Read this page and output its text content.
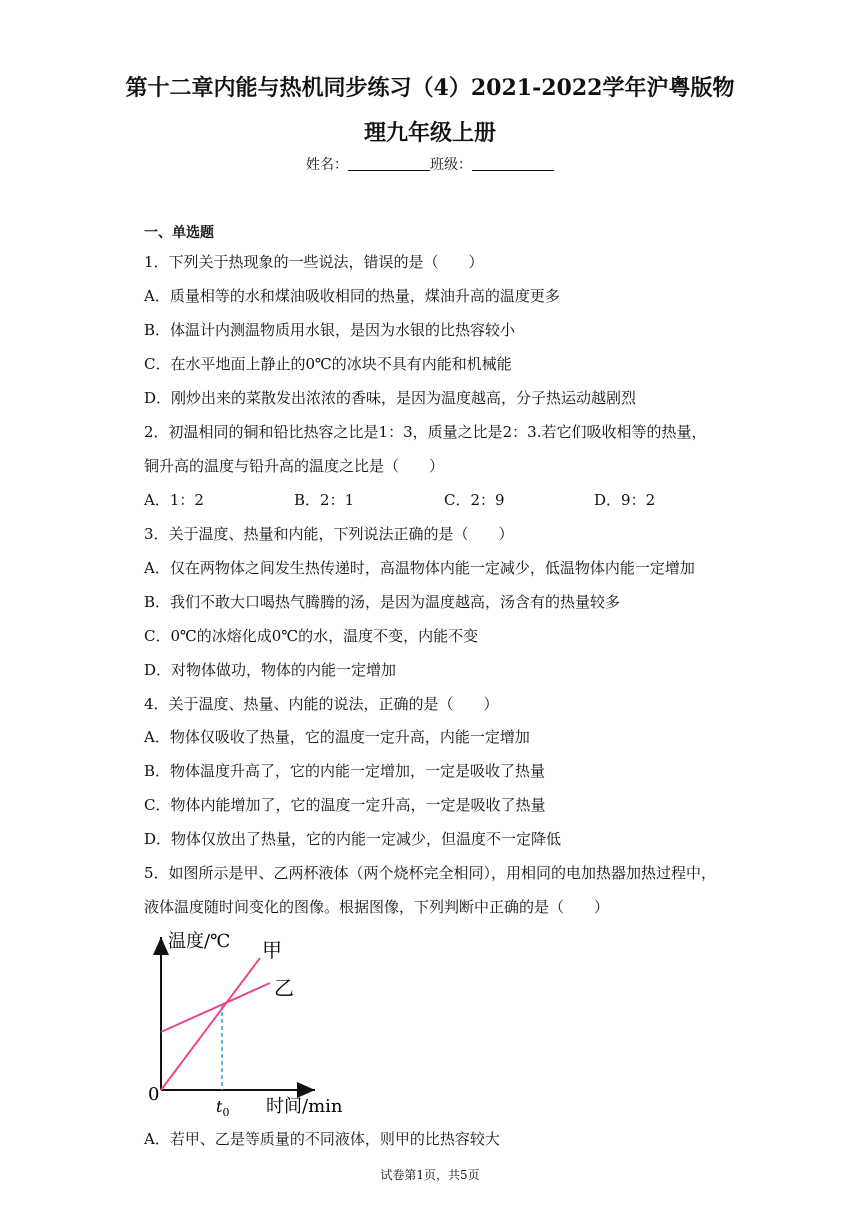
第十二章内能与热机同步练习（4）2021-2022学年沪粤版物
理九年级上册
姓名：	班级：
一、单选题
1．下列关于热现象的一些说法，错误的是（　　）
A．质量相等的水和煤油吸收相同的热量，煤油升高的温度更多
B．体温计内测温物质用水银，是因为水银的比热容较小
C．在水平地面上静止的0℃的冰块不具有内能和机械能
D．刚炒出来的菜散发出浓浓的香味，是因为温度越高，分子热运动越剧烈
2．初温相同的铜和铅比热容之比是1：3，质量之比是2：3.若它们吸收相等的热量，
铜升高的温度与铅升高的温度之比是（　　）
A．1：2	B．2：1	C．2：9	D．9：2
3．关于温度、热量和内能，下列说法正确的是（　　）
A．仅在两物体之间发生热传递时，高温物体内能一定减少，低温物体内能一定增加
B．我们不敢大口喝热气腾腾的汤，是因为温度越高，汤含有的热量较多
C．0℃的冰熔化成0℃的水，温度不变，内能不变
D．对物体做功，物体的内能一定增加
4．关于温度、热量、内能的说法，正确的是（　　）
A．物体仅吸收了热量，它的温度一定升高，内能一定增加
B．物体温度升高了，它的内能一定增加，一定是吸收了热量
C．物体内能增加了，它的温度一定升高，一定是吸收了热量
D．物体仅放出了热量，它的内能一定减少，但温度不一定降低
5．如图所示是甲、乙两杯液体（两个烧杯完全相同），用相同的电加热器加热过程中，
液体温度随时间变化的图像。根据图像，下列判断中正确的是（　　）
温度/℃
时间/min
0
$t_0$
甲
乙
A．若甲、乙是等质量的不同液体，则甲的比热容较大
试卷第1页，共5页
